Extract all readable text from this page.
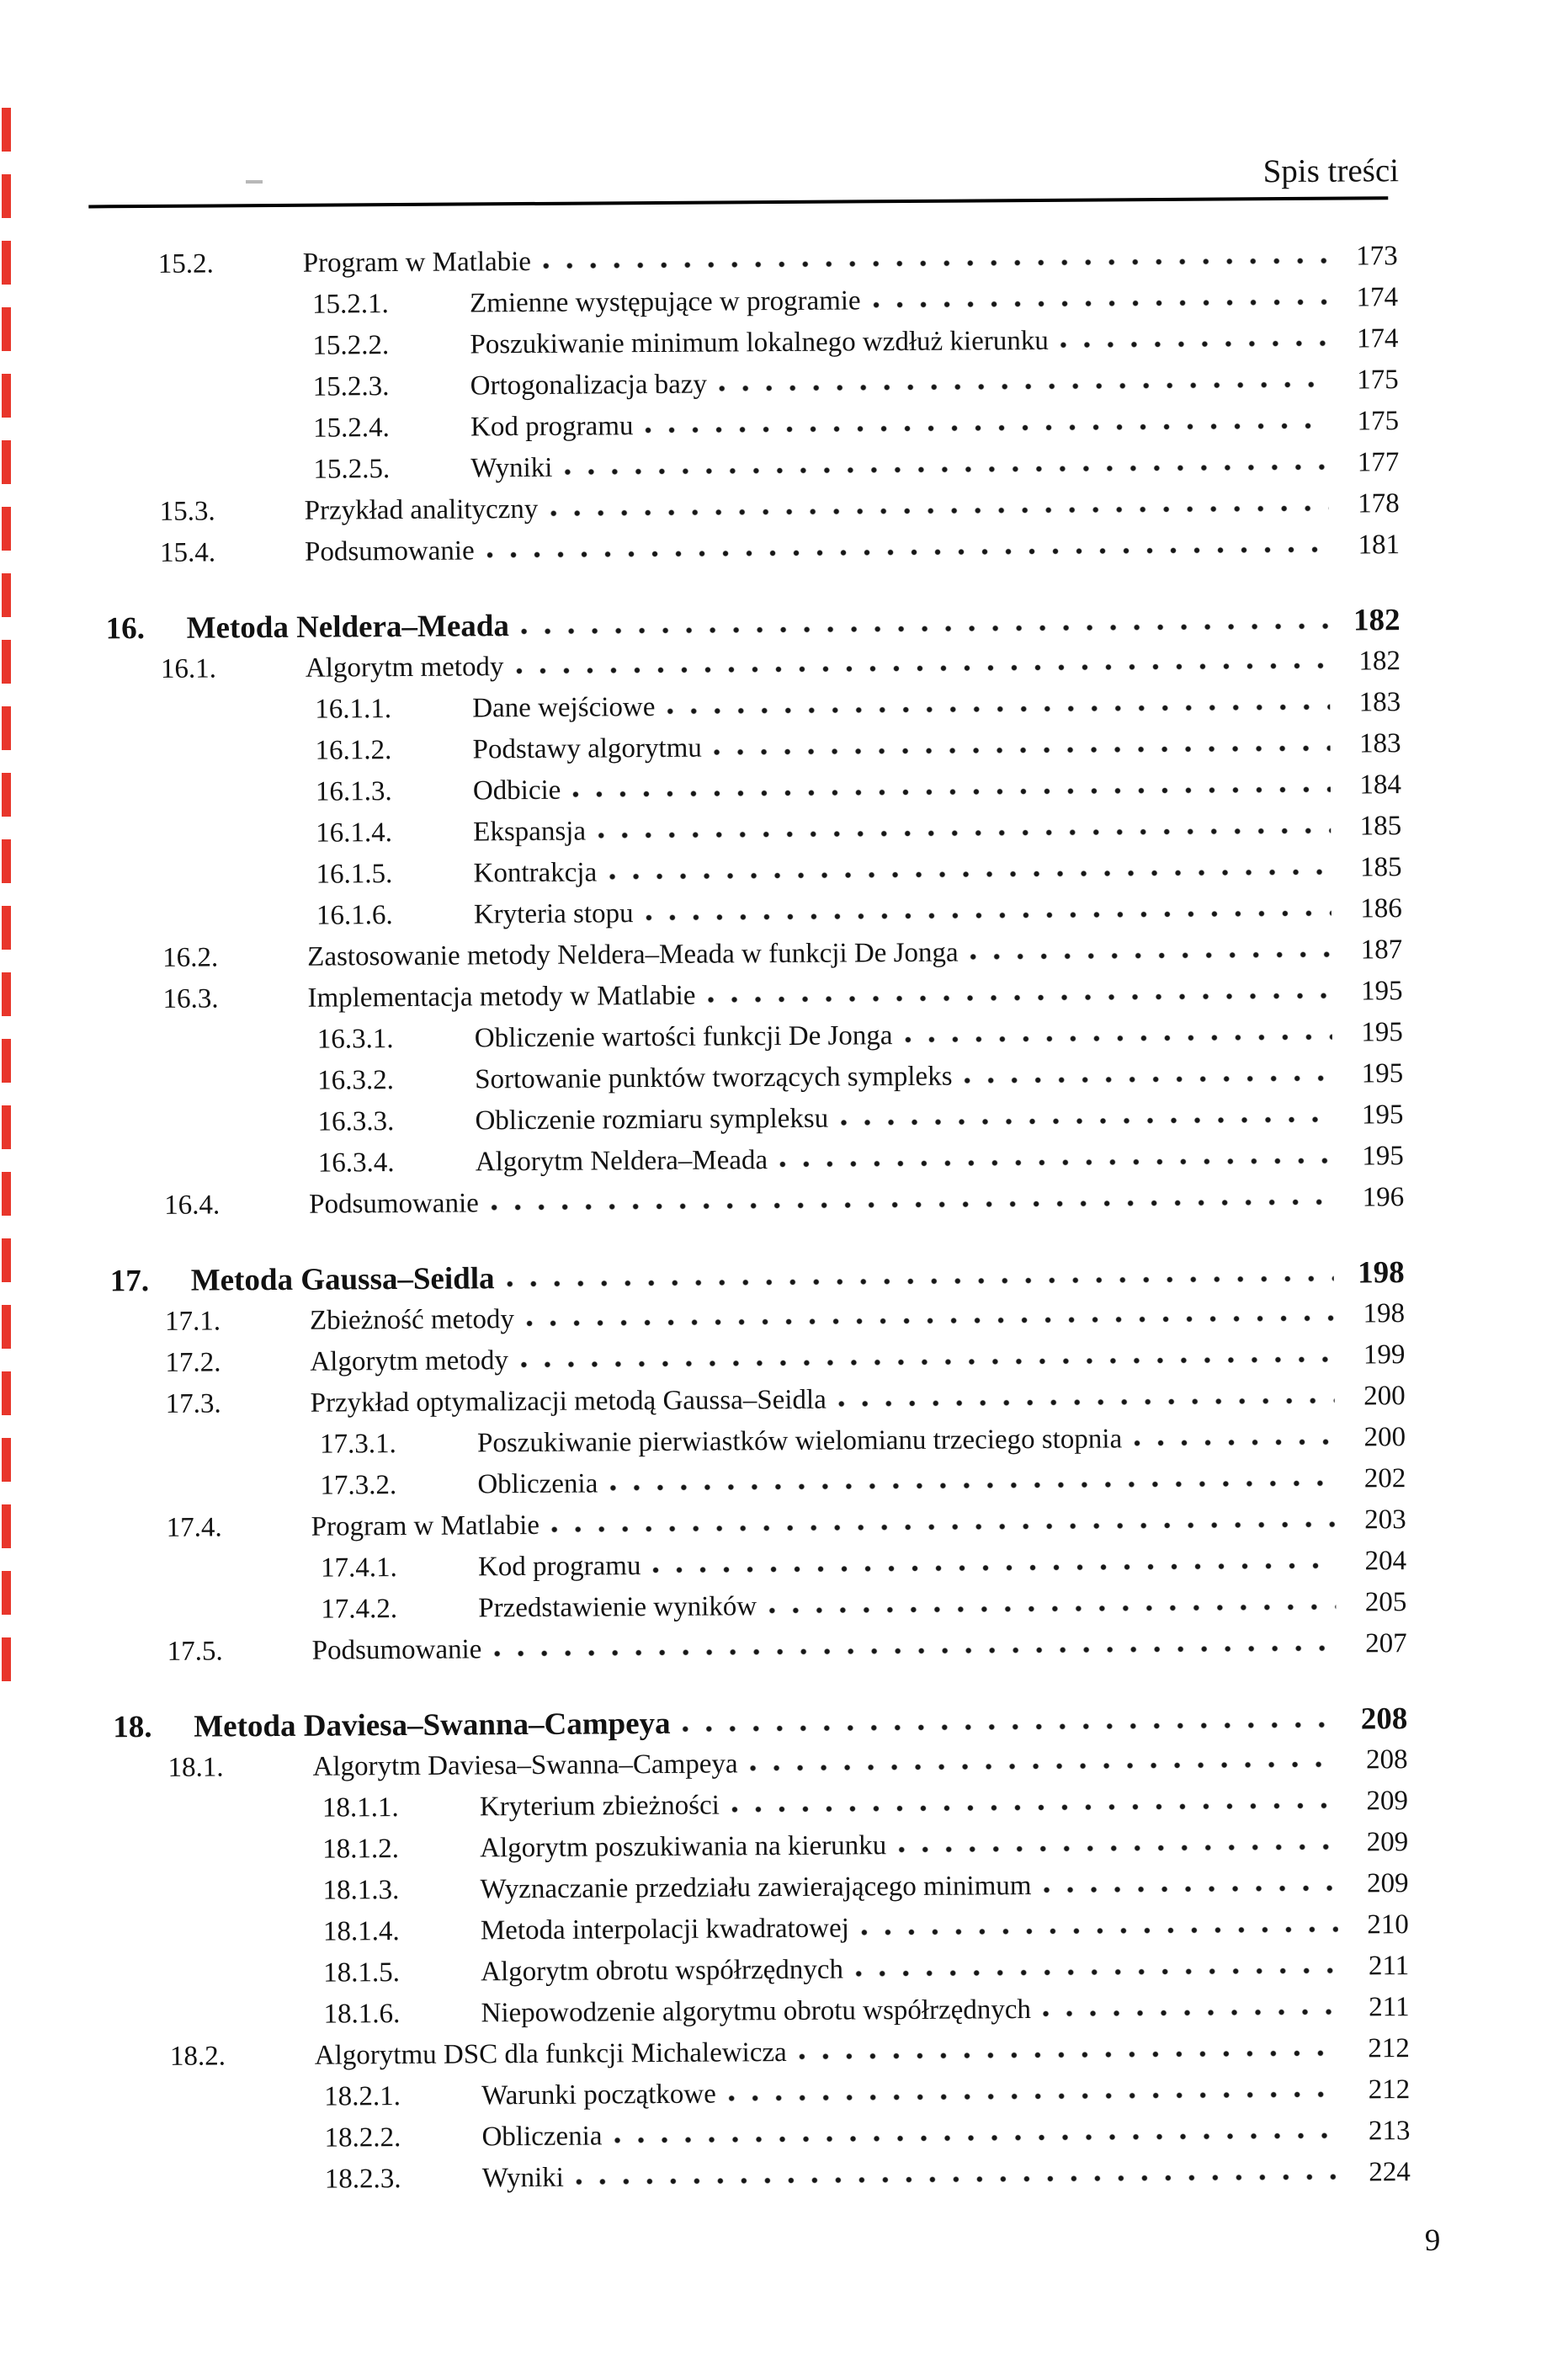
Spis treści
15.2.	Program w Matlabie	173
15.2.1.	Zmienne występujące w programie	174
15.2.2.	Poszukiwanie minimum lokalnego wzdłuż kierunku	174
15.2.3.	Ortogonalizacja bazy	175
15.2.4.	Kod programu	175
15.2.5.	Wyniki	177
15.3.	Przykład analityczny	178
15.4.	Podsumowanie	181
16.	Metoda Neldera–Meada	182
16.1.	Algorytm metody	182
16.1.1.	Dane wejściowe	183
16.1.2.	Podstawy algorytmu	183
16.1.3.	Odbicie	184
16.1.4.	Ekspansja	185
16.1.5.	Kontrakcja	185
16.1.6.	Kryteria stopu	186
16.2.	Zastosowanie metody Neldera–Meada w funkcji De Jonga	187
16.3.	Implementacja metody w Matlabie	195
16.3.1.	Obliczenie wartości funkcji De Jonga	195
16.3.2.	Sortowanie punktów tworzących sympleks	195
16.3.3.	Obliczenie rozmiaru sympleksu	195
16.3.4.	Algorytm Neldera–Meada	195
16.4.	Podsumowanie	196
17.	Metoda Gaussa–Seidla	198
17.1.	Zbieżność metody	198
17.2.	Algorytm metody	199
17.3.	Przykład optymalizacji metodą Gaussa–Seidla	200
17.3.1.	Poszukiwanie pierwiastków wielomianu trzeciego stopnia	200
17.3.2.	Obliczenia	202
17.4.	Program w Matlabie	203
17.4.1.	Kod programu	204
17.4.2.	Przedstawienie wyników	205
17.5.	Podsumowanie	207
18.	Metoda Daviesa–Swanna–Campeya	208
18.1.	Algorytm Daviesa–Swanna–Campeya	208
18.1.1.	Kryterium zbieżności	209
18.1.2.	Algorytm poszukiwania na kierunku	209
18.1.3.	Wyznaczanie przedziału zawierającego minimum	209
18.1.4.	Metoda interpolacji kwadratowej	210
18.1.5.	Algorytm obrotu współrzędnych	211
18.1.6.	Niepowodzenie algorytmu obrotu współrzędnych	211
18.2.	Algorytmu DSC dla funkcji Michalewicza	212
18.2.1.	Warunki początkowe	212
18.2.2.	Obliczenia	213
18.2.3.	Wyniki	224
9
